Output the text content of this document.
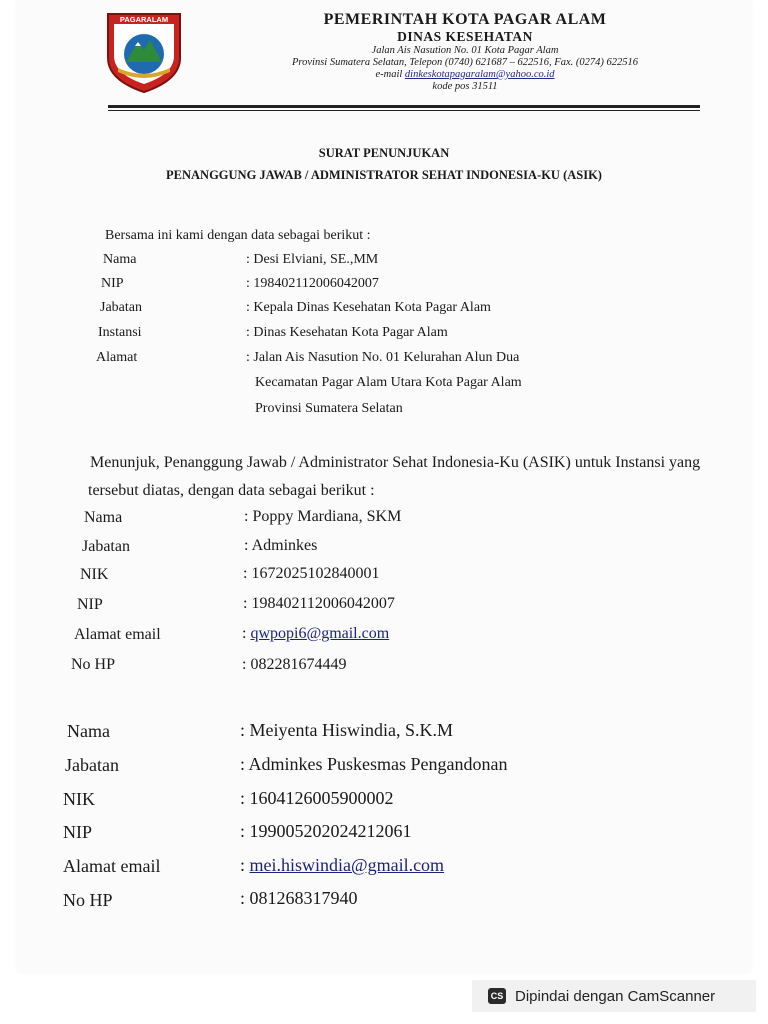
PAGARALAM	PEMERINTAH KOTA PAGAR ALAM
DINAS KESEHATAN
Jalan Ais Nasution No. 01 Kota Pagar Alam
Provinsi Sumatera Selatan, Telepon (0740) 621687 – 622516, Fax. (0274) 622516
e-mail dinkeskotapagaralam@yahoo.co.id
kode pos 31511
SURAT PENUNJUKAN
PENANGGUNG JAWAB / ADMINISTRATOR SEHAT INDONESIA-KU (ASIK)
Bersama ini kami dengan data sebagai berikut :
Nama	: Desi Elviani, SE.,MM
NIP	: 198402112006042007
Jabatan	: Kepala Dinas Kesehatan Kota Pagar Alam
Instansi	: Dinas Kesehatan Kota Pagar Alam
Alamat	: Jalan Ais Nasution No. 01 Kelurahan Alun Dua
Kecamatan Pagar Alam Utara Kota Pagar Alam
Provinsi Sumatera Selatan
Menunjuk, Penanggung Jawab / Administrator Sehat Indonesia-Ku (ASIK) untuk Instansi yang
tersebut diatas, dengan data sebagai berikut :
Nama	: Poppy Mardiana, SKM
Jabatan	: Adminkes
NIK	: 1672025102840001
NIP	: 198402112006042007
Alamat email	: qwpopi6@gmail.com
No HP	: 082281674449
Nama	: Meiyenta Hiswindia, S.K.M
Jabatan	: Adminkes Puskesmas Pengandonan
NIK	: 1604126005900002
NIP	: 199005202024212061
Alamat email	: mei.hiswindia@gmail.com
No HP	: 081268317940
CS Dipindai dengan CamScanner
